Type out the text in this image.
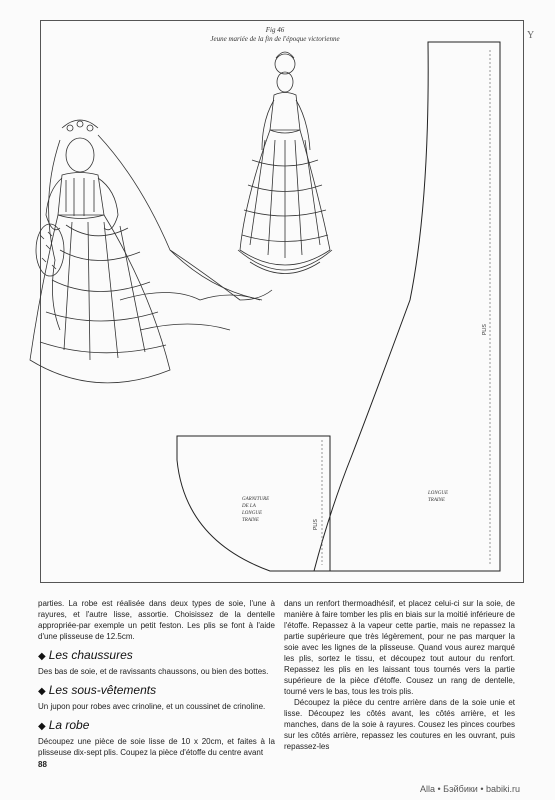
Fig 46
Jeune mariée de la fin de l'époque victorienne	Y
GARNITURE
DE LA
LONGUE
TRAINE	PLIS
LONGUE
TRAINE
PLIS

parties. La robe est réalisée dans deux types de soie, l'une à rayures, et l'autre lisse, assortie. Choisissez de la dentelle appropriée-par exemple un petit feston. Les plis se font à l'aide d'une plisseuse de 12.5cm.

◆ Les chaussures

Des bas de soie, et de ravissants chaussons, ou bien des bottes.

◆ Les sous-vêtements

Un jupon pour robes avec crinoline, et un coussinet de crinoline.

◆ La robe

Découpez une pièce de soie lisse de 10 x 20cm, et faites à la plisseuse dix-sept plis. Coupez la pièce d'étoffe du centre avant

dans un renfort thermoadhésif, et placez celui-ci sur la soie, de manière à faire tomber les plis en biais sur la moitié inférieure de l'étoffe. Repassez à la vapeur cette partie, mais ne repassez la partie supérieure que très légèrement, pour ne pas marquer la soie avec les lignes de la plisseuse. Quand vous aurez marqué les plis, sortez le tissu, et découpez tout autour du renfort. Repassez les plis en les laissant tous tournés vers la partie supérieure de la pièce d'étoffe. Cousez un rang de dentelle, tourné vers le bas, tous les trois plis.

Découpez la pièce du centre arrière dans de la soie unie et lisse. Découpez les côtés avant, les côtés arrière, et les manches, dans de la soie à rayures. Cousez les pinces courbes sur les côtés arrière, repassez les coutures en les ouvrant, puis repassez-les

88
Alla • Бэйбики • babiki.ru
